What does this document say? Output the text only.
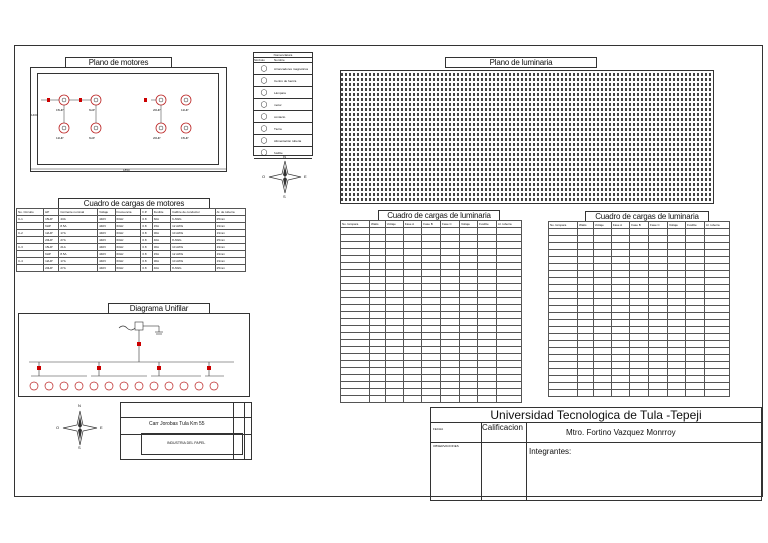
Plano de motores
15HP	6HP	20HP	12HP
12HP	6HP	20HP	15HP
1850
1400
Nomenclatura
Simbolo	Nombre
◯	Arrancadores magnéticos
◯	Centro de fuerza
◯	Lámpara
◯	motor
◯	contacto
◯	Tierra
◯	Alimentación tuberia
◯	fusible
N
S
E
O
Plano de luminaria
Cuadro de cargas de motores
No. Circuito	HP	Corriente nominal	Voltaje	Frecuencia	F.P.	Fusible	Calibre de conductor	Al. de tubería
C-1	15HP	43A	440V	60Hz	0.8	60A	6 AWG	25mm
	6HP	8.5A	440V	60Hz	0.8	15A	12 AWG	19mm
C-2	12HP	17A	440V	60Hz	0.8	30A	10 AWG	19mm
	20HP	27A	440V	60Hz	0.8	40A	8 AWG	25mm
C-3	15HP	21A	440V	60Hz	0.8	30A	10 AWG	19mm
	6HP	8.5A	440V	60Hz	0.8	15A	12 AWG	19mm
C-4	12HP	17A	440V	60Hz	0.8	30A	10 AWG	19mm
	20HP	27A	440V	60Hz	0.8	40A	8 AWG	25mm
Diagrama Unifilar
N
S
E
O
Carr Jorobas Tula Km 55
INDUSTRIA DEL PAPEL
Cuadro de cargas de luminaria
No. lámpara	Watts	Voltaje	Fase A	Fase B	Fase C	Voltaje	Fusible	Al. tubería

Cuadro de cargas de luminaria
No. lámpara	Watts	Voltaje	Fase A	Fase B	Fase C	Voltaje	Fusible	Al. tubería

Universidad Tecnologica de Tula -Tepeji
FECHA
OBSERVACIONES
Calificacion
Mtro. Fortino Vazquez Monrroy
Integrantes:
